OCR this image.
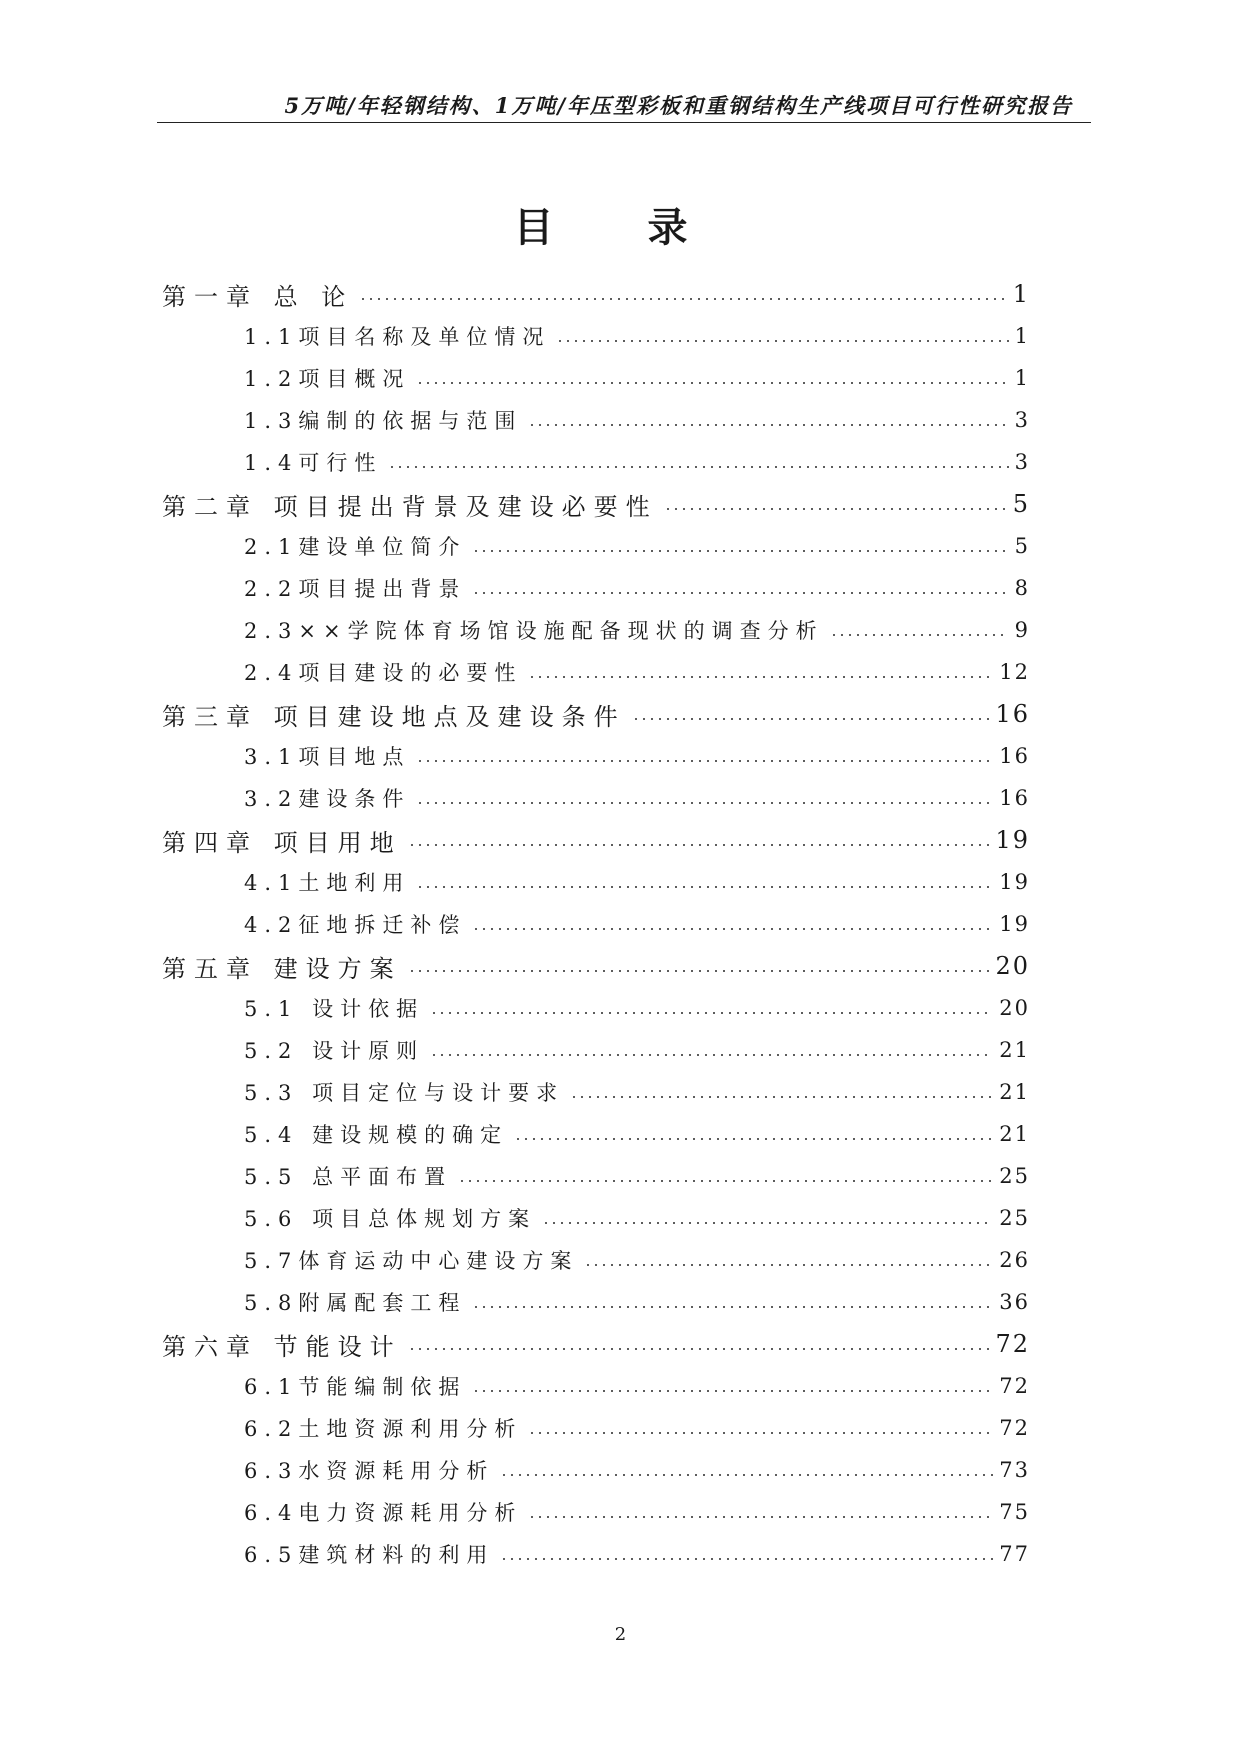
5万吨/年轻钢结构、1万吨/年压型彩板和重钢结构生产线项目可行性研究报告
目 录
第一章 总 论	1
1.1项目名称及单位情况	1
1.2项目概况	1
1.3编制的依据与范围	3
1.4可行性	3
第二章 项目提出背景及建设必要性	5
2.1建设单位简介	5
2.2项目提出背景	8
2.3××学院体育场馆设施配备现状的调查分析	9
2.4项目建设的必要性	12
第三章 项目建设地点及建设条件	16
3.1项目地点	16
3.2建设条件	16
第四章 项目用地	19
4.1土地利用	19
4.2征地拆迁补偿	19
第五章 建设方案	20
5.1 设计依据	20
5.2 设计原则	21
5.3 项目定位与设计要求	21
5.4 建设规模的确定	21
5.5 总平面布置	25
5.6 项目总体规划方案	25
5.7体育运动中心建设方案	26
5.8附属配套工程	36
第六章 节能设计	72
6.1节能编制依据	72
6.2土地资源利用分析	72
6.3水资源耗用分析	73
6.4电力资源耗用分析	75
6.5建筑材料的利用	77
2
